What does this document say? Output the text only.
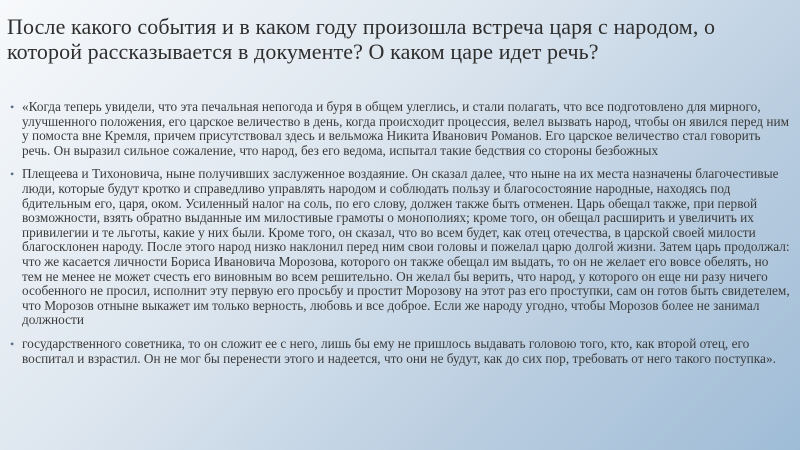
После какого события и в каком году произошла встреча царя с народом, о которой рассказывается в документе? О каком царе идет речь?
• «Когда теперь увидели, что эта печальная непогода и буря в общем улеглись, и стали полагать, что все подготовлено для мирного, улучшенного положения, его царское величество в день, когда происходит процессия, велел вызвать народ, чтобы он явился перед ним у помоста вне Кремля, причем присутствовал здесь и вельможа Никита Иванович Романов. Его царское величество стал говорить речь. Он выразил сильное сожаление, что народ, без его ведома, испытал такие бедствия со стороны безбожных
• Плещеева и Тихоновича, ныне получивших заслуженное воздаяние. Он сказал далее, что ныне на их места назначены благочестивые люди, которые будут кротко и справедливо управлять народом и соблюдать пользу и благосостояние народные, находясь под бдительным его, царя, оком. Усиленный налог на соль, по его слову, должен также быть отменен. Царь обещал также, при первой возможности, взять обратно выданные им милостивые грамоты о монополиях; кроме того, он обещал расширить и увеличить их привилегии и те льготы, какие у них были. Кроме того, он сказал, что во всем будет, как отец отечества, в царской своей милости благосклонен народу. После этого народ низко наклонил перед ним свои головы и пожелал царю долгой жизни. Затем царь продолжал: что же касается личности Бориса Ивановича Морозова, которого он также обещал им выдать, то он не желает его вовсе обелять, но тем не менее не может счесть его виновным во всем решительно. Он желал бы верить, что народ, у которого он еще ни разу ничего особенного не просил, исполнит эту первую его просьбу и простит Морозову на этот раз его проступки, сам он готов быть свидетелем, что Морозов отныне выкажет им только верность, любовь и все доброе. Если же народу угодно, чтобы Морозов более не занимал должности
• государственного советника, то он сложит ее с него, лишь бы ему не пришлось выдавать головою того, кто, как второй отец, его воспитал и взрастил. Он не мог бы перенести этого и надеется, что они не будут, как до сих пор, требовать от него такого поступка».
